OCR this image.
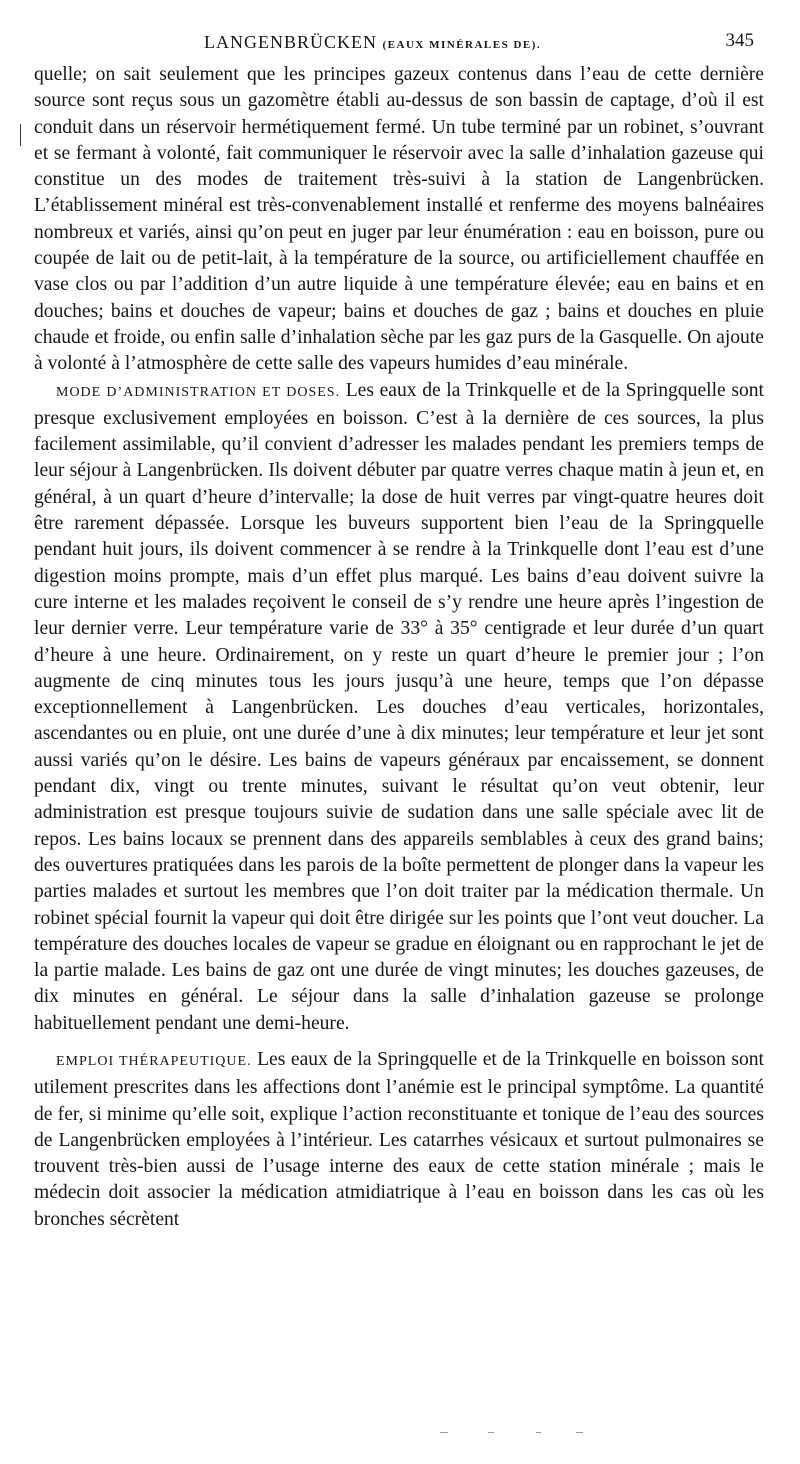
LANGENBRÜCKEN (EAUX MINÉRALES DE).	345

quelle; on sait seulement que les principes gazeux contenus dans l’eau de cette dernière source sont reçus sous un gazomètre établi au-dessus de son bassin de captage, d’où il est conduit dans un réservoir hermétiquement fermé. Un tube terminé par un robinet, s’ouvrant et se fermant à volonté, fait communiquer le réservoir avec la salle d’inhalation gazeuse qui constitue un des modes de traitement très-suivi à la station de Langenbrücken. L’établissement minéral est très-convenablement installé et renferme des moyens balnéaires nombreux et variés, ainsi qu’on peut en juger par leur énumération : eau en boisson, pure ou coupée de lait ou de petit-lait, à la température de la source, ou artificiellement chauffée en vase clos ou par l’addition d’un autre liquide à une température élevée; eau en bains et en douches; bains et douches de vapeur; bains et douches de gaz ; bains et douches en pluie chaude et froide, ou enfin salle d’inhalation sèche par les gaz purs de la Gasquelle. On ajoute à volonté à l’atmosphère de cette salle des vapeurs humides d’eau minérale.

MODE D’ADMINISTRATION ET DOSES. Les eaux de la Trinkquelle et de la Springquelle sont presque exclusivement employées en boisson. C’est à la dernière de ces sources, la plus facilement assimilable, qu’il convient d’adresser les malades pendant les premiers temps de leur séjour à Langenbrücken. Ils doivent débuter par quatre verres chaque matin à jeun et, en général, à un quart d’heure d’intervalle; la dose de huit verres par vingt-quatre heures doit être rarement dépassée. Lorsque les buveurs supportent bien l’eau de la Springquelle pendant huit jours, ils doivent commencer à se rendre à la Trinkquelle dont l’eau est d’une digestion moins prompte, mais d’un effet plus marqué. Les bains d’eau doivent suivre la cure interne et les malades reçoivent le conseil de s’y rendre une heure après l’ingestion de leur dernier verre. Leur température varie de 33° à 35° centigrade et leur durée d’un quart d’heure à une heure. Ordinairement, on y reste un quart d’heure le premier jour ; l’on augmente de cinq minutes tous les jours jusqu’à une heure, temps que l’on dépasse exceptionnellement à Langenbrücken. Les douches d’eau verticales, horizontales, ascendantes ou en pluie, ont une durée d’une à dix minutes; leur température et leur jet sont aussi variés qu’on le désire. Les bains de vapeurs généraux par encaissement, se donnent pendant dix, vingt ou trente minutes, suivant le résultat qu’on veut obtenir, leur administration est presque toujours suivie de sudation dans une salle spéciale avec lit de repos. Les bains locaux se prennent dans des appareils semblables à ceux des grand bains; des ouvertures pratiquées dans les parois de la boîte permettent de plonger dans la vapeur les parties malades et surtout les membres que l’on doit traiter par la médication thermale. Un robinet spécial fournit la vapeur qui doit être dirigée sur les points que l’ont veut doucher. La température des douches locales de vapeur se gradue en éloignant ou en rapprochant le jet de la partie malade. Les bains de gaz ont une durée de vingt minutes; les douches gazeuses, de dix minutes en général. Le séjour dans la salle d’inhalation gazeuse se prolonge habituellement pendant une demi-heure.

EMPLOI THÉRAPEUTIQUE. Les eaux de la Springquelle et de la Trinkquelle en boisson sont utilement prescrites dans les affections dont l’anémie est le principal symptôme. La quantité de fer, si minime qu’elle soit, explique l’action reconstituante et tonique de l’eau des sources de Langenbrücken employées à l’intérieur. Les catarrhes vésicaux et surtout pulmonaires se trouvent très-bien aussi de l’usage interne des eaux de cette station minérale ; mais le médecin doit associer la médication atmidiatrique à l’eau en boisson dans les cas où les bronches sécrètent
